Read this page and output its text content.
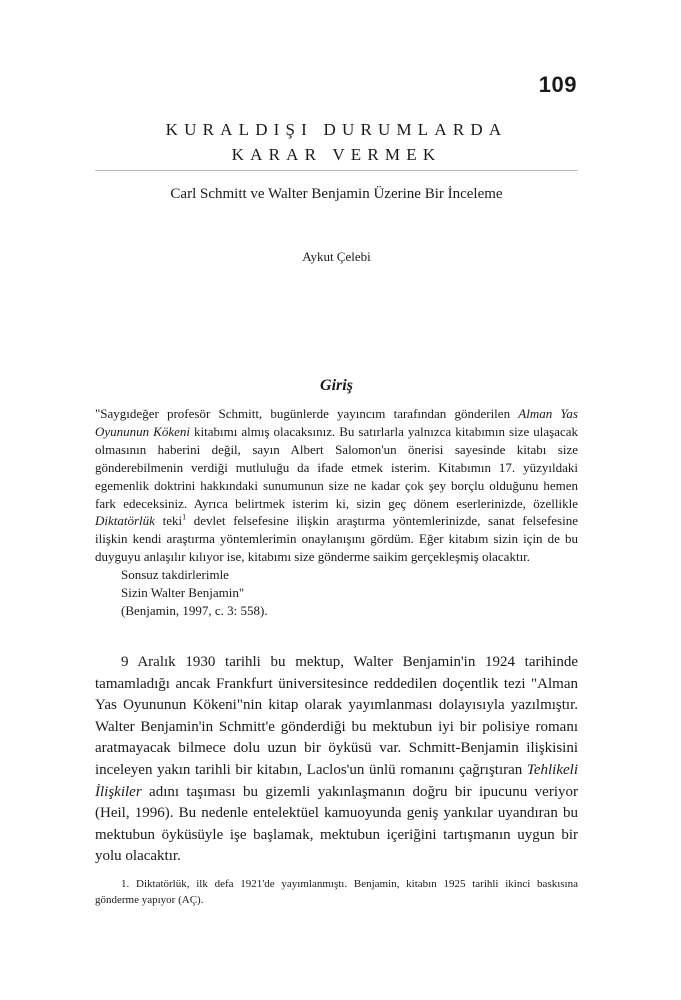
109
KURALDIŞI DURUMLARDA
KARAR VERMEK
Carl Schmitt ve Walter Benjamin Üzerine Bir İnceleme
Aykut Çelebi
Giriş

"Saygıdeğer profesör Schmitt, bugünlerde yayıncım tarafından gönderilen Alman Yas Oyununun Kökeni kitabımı almış olacaksınız. Bu satırlarla yalnızca kitabımın size ulaşacak olmasının haberini değil, sayın Albert Salomon'un önerisi sayesinde kitabı size gönderebilmenin verdiği mutluluğu da ifade etmek isterim. Kitabımın 17. yüzyıldaki egemenlik doktrini hakkındaki sunumunun size ne kadar çok şey borçlu olduğunu hemen fark edeceksiniz. Ayrıca belirtmek isterim ki, sizin geç dönem eserlerinizde, özellikle Diktatörlük teki$^1$ devlet felsefesine ilişkin araştırma yöntemlerinizde, sanat felsefesine ilişkin kendi araştırma yöntemlerimin onaylanışını gördüm. Eğer kitabım sizin için de bu duyguyu anlaşılır kılıyor ise, kitabımı size gönderme saikim gerçekleşmiş olacaktır.

Sonsuz takdirlerimle

Sizin Walter Benjamin"

(Benjamin, 1997, c. 3: 558).

9 Aralık 1930 tarihli bu mektup, Walter Benjamin'in 1924 tarihinde tamamladığı ancak Frankfurt üniversitesince reddedilen doçentlik tezi "Alman Yas Oyununun Kökeni"nin kitap olarak yayımlanması dolayısıyla yazılmıştır. Walter Benjamin'in Schmitt'e gönderdiği bu mektubun iyi bir polisiye romanı aratmayacak bilmece dolu uzun bir öyküsü var. Schmitt-Benjamin ilişkisini inceleyen yakın tarihli bir kitabın, Laclos'un ünlü romanını çağrıştıran Tehlikeli İlişkiler adını taşıması bu gizemli yakınlaşmanın doğru bir ipucunu veriyor (Heil, 1996). Bu nedenle entelektüel kamuoyunda geniş yankılar uyandıran bu mektubun öyküsüyle işe başlamak, mektubun içeriğini tartışmanın uygun bir yolu olacaktır.

1. Diktatörlük, ilk defa 1921'de yayımlanmıştı. Benjamin, kitabın 1925 tarihli ikinci baskısına gönderme yapıyor (AÇ).
